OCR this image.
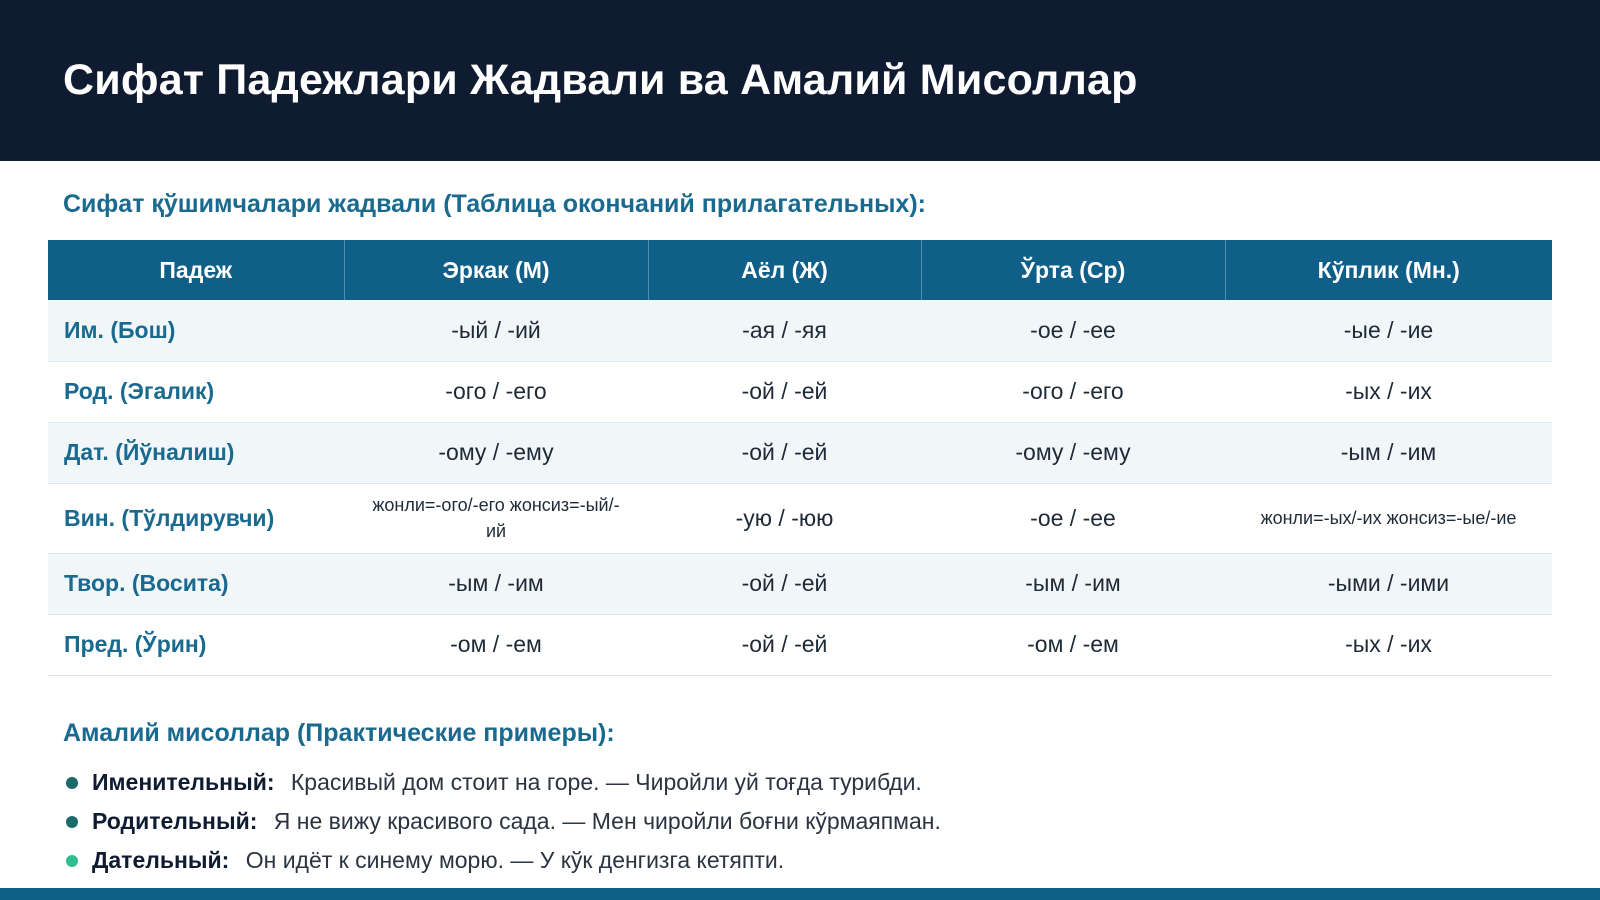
Сифат Падежлари Жадвали ва Амалий Мисоллар
Сифат қўшимчалари жадвали (Таблица окончаний прилагательных):
Падеж	Эркак (М)	Аёл (Ж)	Ўрта (Ср)	Кўплик (Мн.)
Им. (Бош)	-ый / -ий	-ая / -яя	-ое / -ее	-ые / -ие
Род. (Эгалик)	-ого / -его	-ой / -ей	-ого / -его	-ых / -их
Дат. (Йўналиш)	-ому / -ему	-ой / -ей	-ому / -ему	-ым / -им
Вин. (Тўлдирувчи)	жонли=-ого/-его жонсиз=-ый/-ий	-ую / -юю	-ое / -ее	жонли=-ых/-их жонсиз=-ые/-ие
Твор. (Восита)	-ым / -им	-ой / -ей	-ым / -им	-ыми / -ими
Пред. (Ўрин)	-ом / -ем	-ой / -ей	-ом / -ем	-ых / -их
Амалий мисоллар (Практические примеры):
Именительный: Красивый дом стоит на горе. — Чиройли уй тоғда турибди.
Родительный: Я не вижу красивого сада. — Мен чиройли боғни кўрмаяпман.
Дательный: Он идёт к синему морю. — У кўк денгизга кетяпти.
